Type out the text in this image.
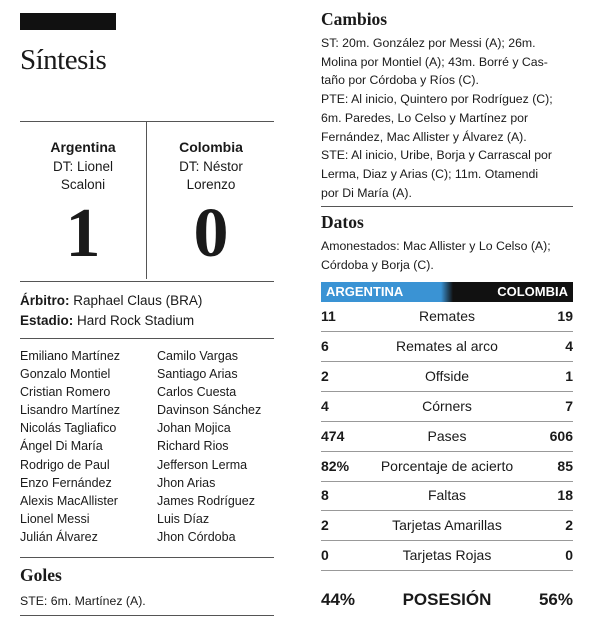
Síntesis
Argentina
DT: Lionel
Scaloni
1
Colombia
DT: Néstor
Lorenzo
0
Árbitro: Raphael Claus (BRA)
Estadio: Hard Rock Stadium
Emiliano Martínez
Gonzalo Montiel
Cristian Romero
Lisandro Martínez
Nicolás Tagliafico
Ángel Di María
Rodrigo de Paul
Enzo Fernández
Alexis MacAllister
Lionel Messi
Julián Álvarez
Camilo Vargas
Santiago Arias
Carlos Cuesta
Davinson Sánchez
Johan Mojica
Richard Rios
Jefferson Lerma
Jhon Arias
James Rodríguez
Luis Díaz
Jhon Córdoba
Goles
STE: 6m. Martínez (A).
Cambios
ST: 20m. González por Messi (A); 26m.
Molina por Montiel (A); 43m. Borré y Cas-
taño por Córdoba y Ríos (C).
PTE: Al inicio, Quintero por Rodríguez (C);
6m. Paredes, Lo Celso y Martínez por
Fernández, Mac Allister y Álvarez (A).
STE: Al inicio, Uribe, Borja y Carrascal por
Lerma, Diaz y Arias (C); 11m. Otamendi
por Di María (A).
Datos
Amonestados: Mac Allister y Lo Celso (A);
Córdoba y Borja (C).
ARGENTINA	COLOMBIA
11	Remates	19
6	Remates al arco	4
2	Offside	1
4	Córners	7
474	Pases	606
82%	Porcentaje de acierto	85
8	Faltas	18
2	Tarjetas Amarillas	2
0	Tarjetas Rojas	0
44%	POSESIÓN	56%
